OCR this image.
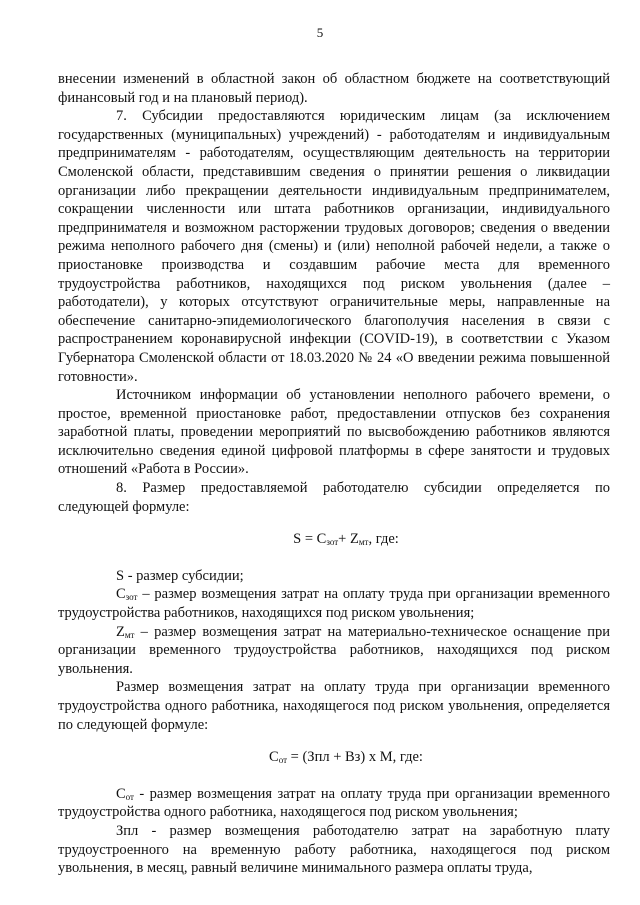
5

внесении изменений в областной закон об областном бюджете на соответствующий финансовый год и на плановый период).

7. Субсидии предоставляются юридическим лицам (за исключением государственных (муниципальных) учреждений) - работодателям и индивидуальным предпринимателям - работодателям, осуществляющим деятельность на территории Смоленской области, представившим сведения о принятии решения о ликвидации организации либо прекращении деятельности индивидуальным предпринимателем, сокращении численности или штата работников организации, индивидуального предпринимателя и возможном расторжении трудовых договоров; сведения о введении режима неполного рабочего дня (смены) и (или) неполной рабочей недели, а также о приостановке производства и создавшим рабочие места для временного трудоустройства работников, находящихся под риском увольнения (далее – работодатели), у которых отсутствуют ограничительные меры, направленные на обеспечение санитарно-эпидемиологического благополучия населения в связи с распространением коронавирусной инфекции (COVID-19), в соответствии с Указом Губернатора Смоленской области от 18.03.2020 № 24 «О введении режима повышенной готовности».

Источником информации об установлении неполного рабочего времени, о простое, временной приостановке работ, предоставлении отпусков без сохранения заработной платы, проведении мероприятий по высвобождению работников являются исключительно сведения единой цифровой платформы в сфере занятости и трудовых отношений «Работа в России».

8. Размер предоставляемой работодателю субсидии определяется по следующей формуле:

$S = C_{зот}+ Z_{мт}$, где:

S - размер субсидии;

$C_{зот}$ – размер возмещения затрат на оплату труда при организации временного трудоустройства работников, находящихся под риском увольнения;

$Z_{мт}$ – размер возмещения затрат на материально-техническое оснащение при организации временного трудоустройства работников, находящихся под риском увольнения.

Размер возмещения затрат на оплату труда при организации временного трудоустройства одного работника, находящегося под риском увольнения, определяется по следующей формуле:

$C_{от} = (Зпл + Вз)$ х М, где:

$C_{от}$ - размер возмещения затрат на оплату труда при организации временного трудоустройства одного работника, находящегося под риском увольнения;

Зпл - размер возмещения работодателю затрат на заработную плату трудоустроенного на временную работу работника, находящегося под риском увольнения, в месяц, равный величине минимального размера оплаты труда,
